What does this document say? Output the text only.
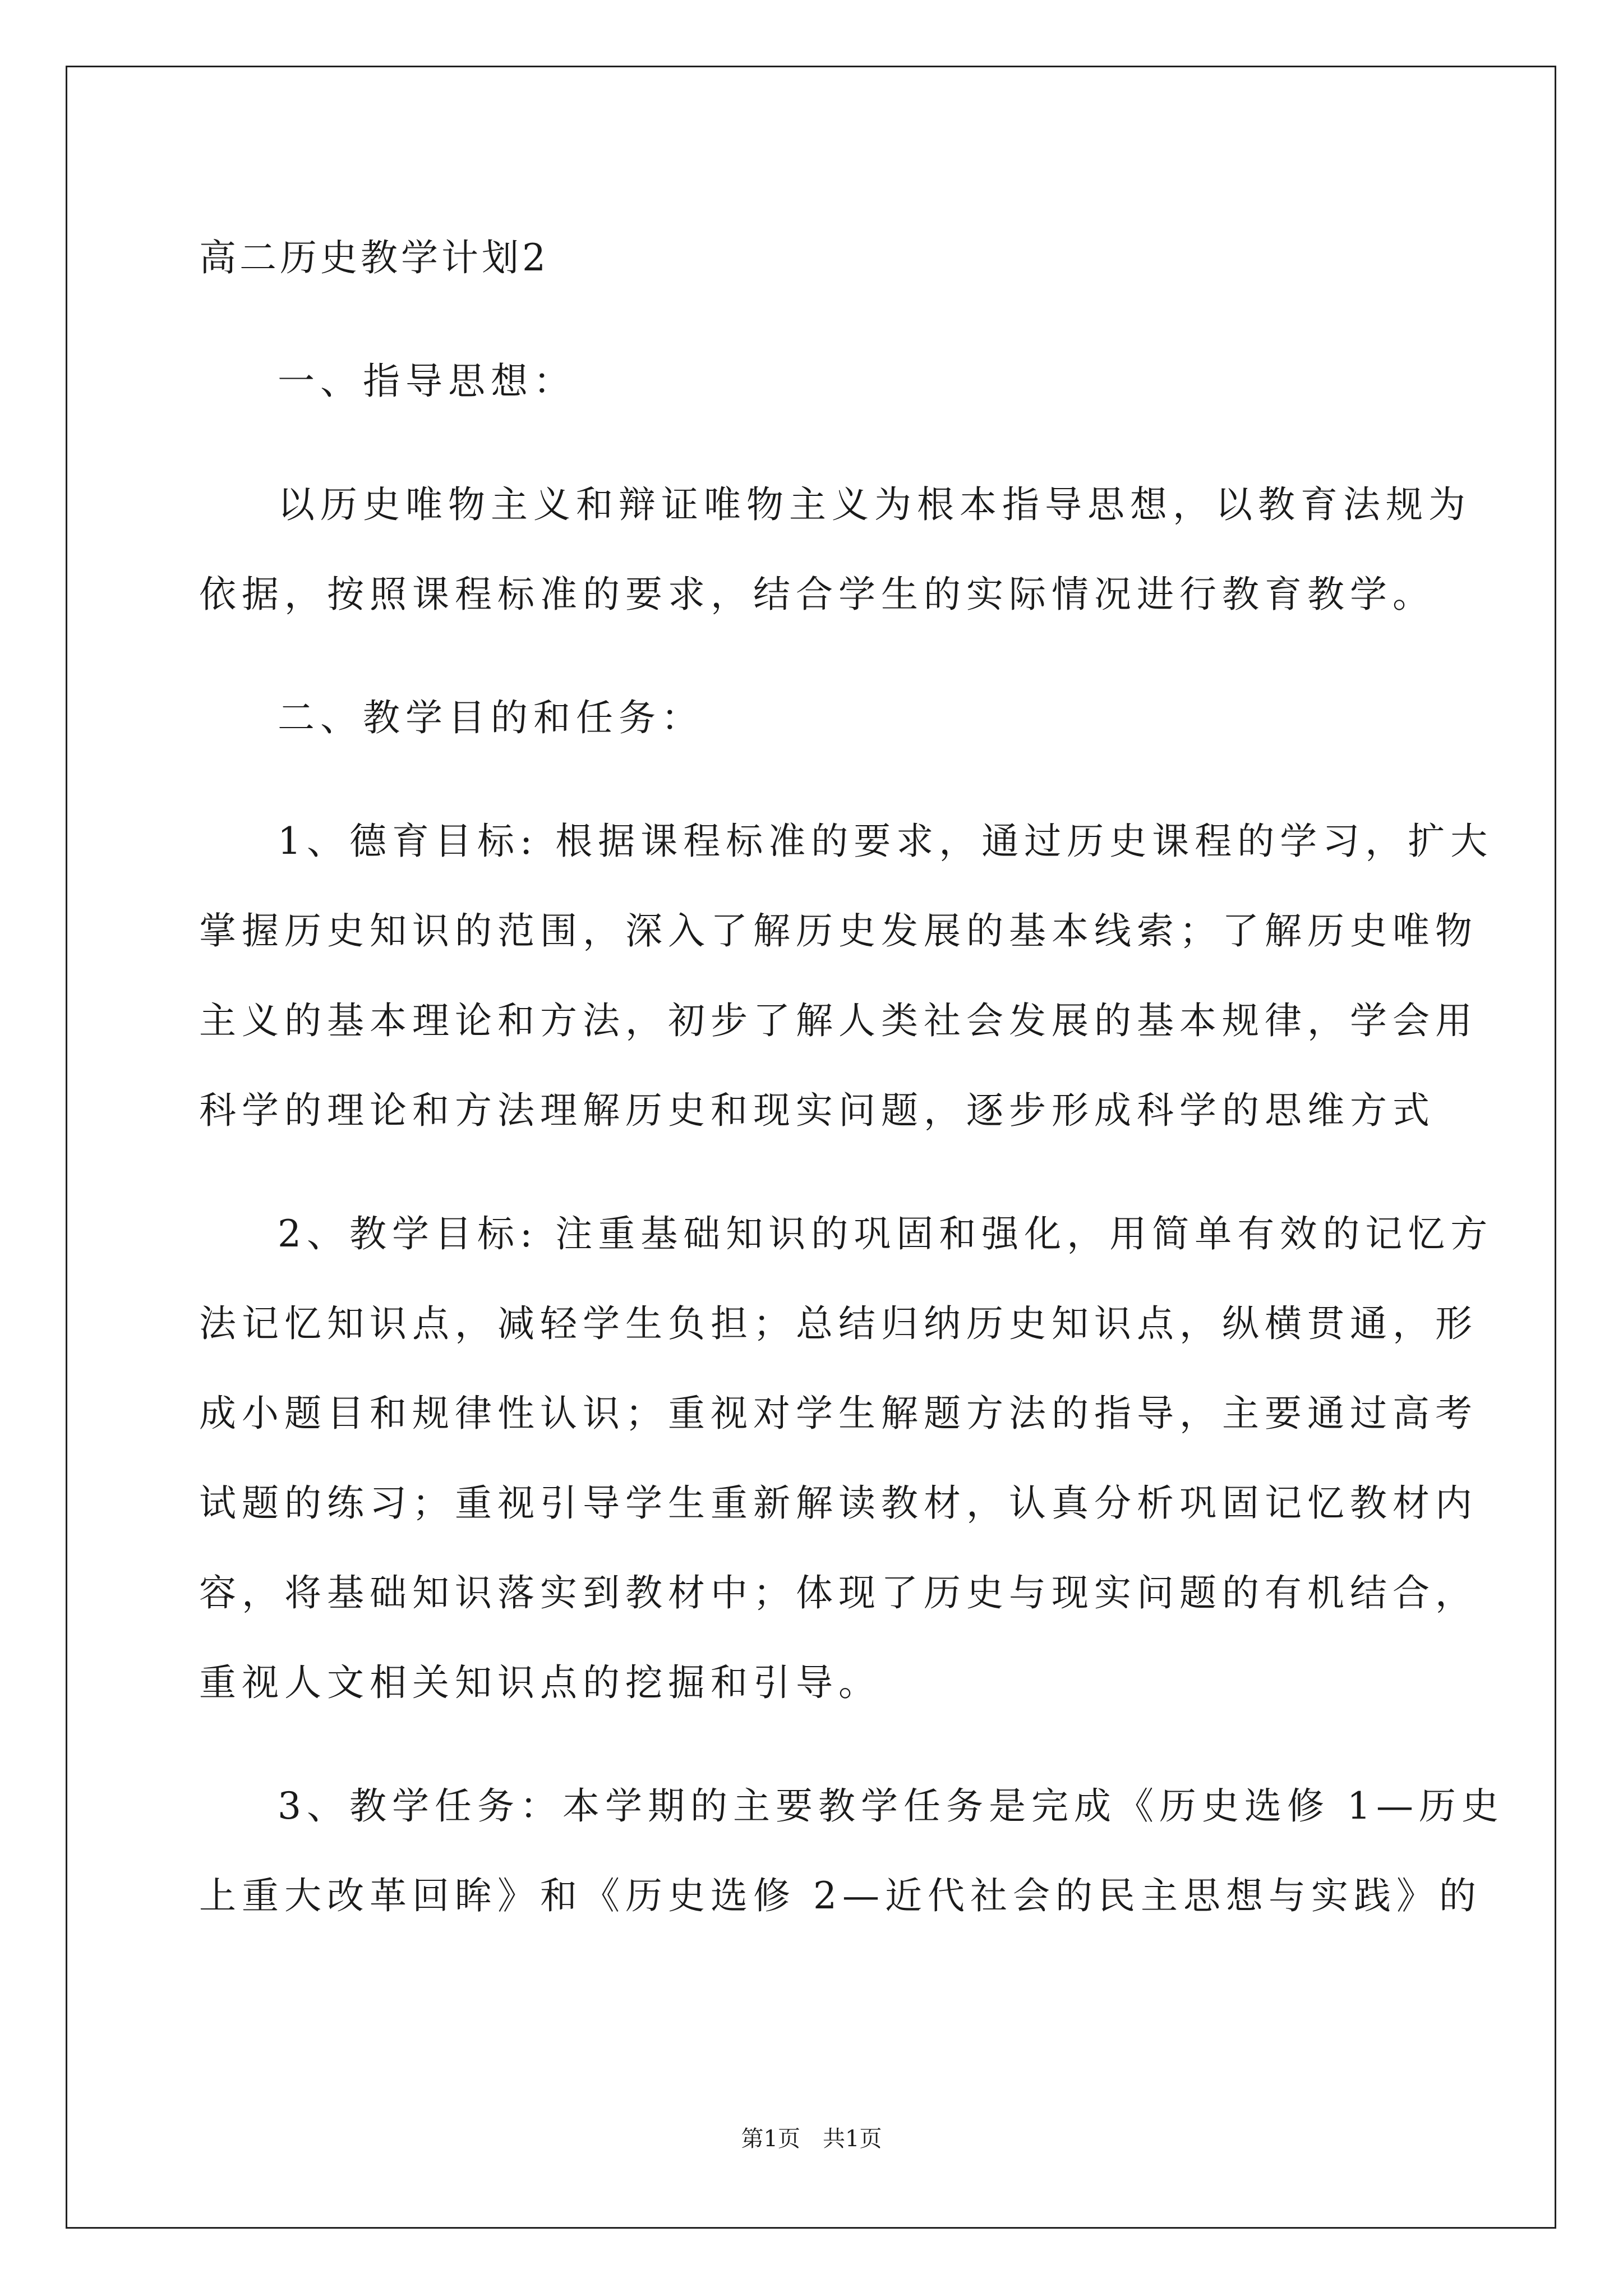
高二历史教学计划2
一、指导思想：
以历史唯物主义和辩证唯物主义为根本指导思想，以教育法规为
依据，按照课程标准的要求，结合学生的实际情况进行教育教学。
二、教学目的和任务：
1、德育目标: 根据课程标准的要求，通过历史课程的学习，扩大
掌握历史知识的范围，深入了解历史发展的基本线索；了解历史唯物
主义的基本理论和方法，初步了解人类社会发展的基本规律，学会用
科学的理论和方法理解历史和现实问题，逐步形成科学的思维方式
2、教学目标: 注重基础知识的巩固和强化，用简单有效的记忆方
法记忆知识点，减轻学生负担；总结归纳历史知识点，纵横贯通，形
成小题目和规律性认识；重视对学生解题方法的指导，主要通过高考
试题的练习；重视引导学生重新解读教材，认真分析巩固记忆教材内
容，将基础知识落实到教材中；体现了历史与现实问题的有机结合，
重视人文相关知识点的挖掘和引导。
3、教学任务：本学期的主要教学任务是完成《历史选修 1—历史
上重大改革回眸》和《历史选修 2—近代社会的民主思想与实践》的
第1页 共1页
